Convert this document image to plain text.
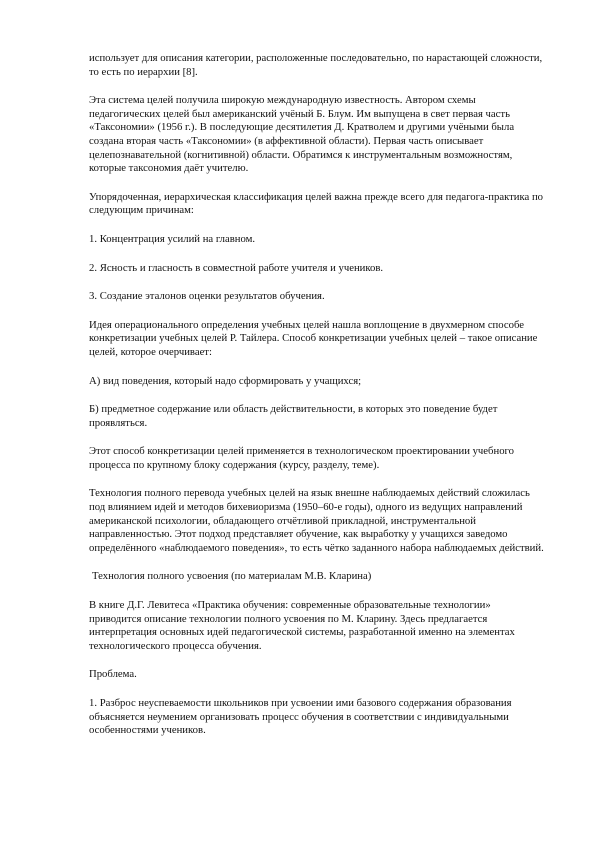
использует для описания категории, расположенные последовательно, по нарастающей сложности, то есть по иерархии [8].

Эта система целей получила широкую международную известность. Автором схемы педагогических целей был американский учёный Б. Блум. Им выпущена в свет первая часть «Таксономии» (1956 г.). В последующие десятилетия Д. Кратволем и другими учёными была создана вторая часть «Таксономии» (в аффективной области). Первая часть описывает целепознавательной (когнитивной) области. Обратимся к инструментальным возможностям, которые таксономия даёт учителю.

Упорядоченная, иерархическая классификация целей важна прежде всего для педагога-практика по следующим причинам:

1. Концентрация усилий на главном.

2. Ясность и гласность в совместной работе учителя и учеников.

3. Создание эталонов оценки результатов обучения.

Идея операционального определения учебных целей нашла воплощение в двухмерном способе конкретизации учебных целей Р. Тайлера. Способ конкретизации учебных целей – такое описание целей, которое очерчивает:

А) вид поведения, который надо сформировать у учащихся;

Б) предметное содержание или область действительности, в которых это поведение будет проявляться.

Этот способ конкретизации целей применяется в технологическом проектировании учебного процесса по крупному блоку содержания (курсу, разделу, теме).

Технология полного перевода учебных целей на язык внешне наблюдаемых действий сложилась под влиянием идей и методов бихевиоризма (1950–60-е годы), одного из ведущих направлений американской психологии, обладающего отчётливой прикладной, инструментальной направленностью. Этот подход представляет обучение, как выработку у учащихся заведомо определённого «наблюдаемого поведения», то есть чётко заданного набора наблюдаемых действий.

Технология полного усвоения (по материалам М.В. Кларина)

В книге Д.Г. Левитеса «Практика обучения: современные образовательные технологии» приводится описание технологии полного усвоения по М. Кларину. Здесь предлагается интерпретация основных идей педагогической системы, разработанной именно на элементах технологического процесса обучения.

Проблема.

1. Разброс неуспеваемости школьников при усвоении ими базового содержания образования объясняется неумением организовать процесс обучения в соответствии с индивидуальными особенностями учеников.
